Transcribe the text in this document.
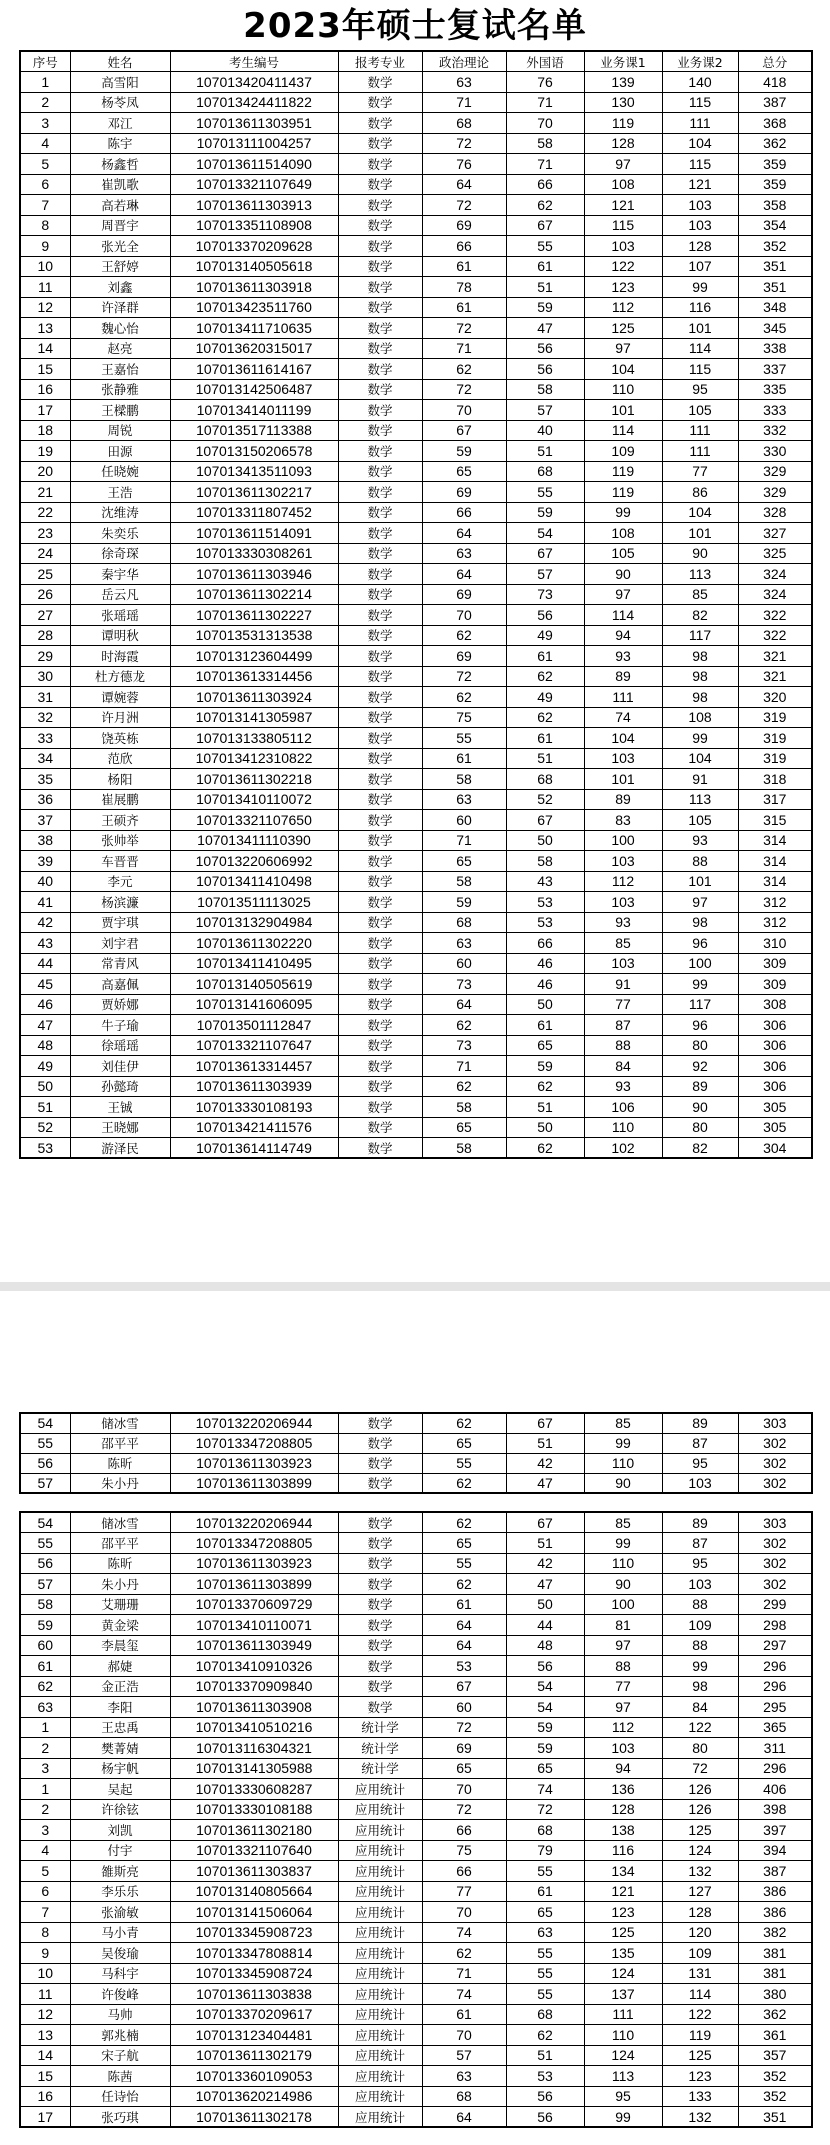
2023年硕士复试名单
序号	姓名	考生编号	报考专业	政治理论	外国语	业务课1	业务课2	总分
1	高雪阳	107013420411437	数学	63	76	139	140	418
2	杨苓凤	107013424411822	数学	71	71	130	115	387
3	邓江	107013611303951	数学	68	70	119	111	368
4	陈宇	107013111004257	数学	72	58	128	104	362
5	杨鑫哲	107013611514090	数学	76	71	97	115	359
6	崔凯歌	107013321107649	数学	64	66	108	121	359
7	高若琳	107013611303913	数学	72	62	121	103	358
8	周晋宇	107013351108908	数学	69	67	115	103	354
9	张光全	107013370209628	数学	66	55	103	128	352
10	王舒婷	107013140505618	数学	61	61	122	107	351
11	刘鑫	107013611303918	数学	78	51	123	99	351
12	许泽群	107013423511760	数学	61	59	112	116	348
13	魏心怡	107013411710635	数学	72	47	125	101	345
14	赵亮	107013620315017	数学	71	56	97	114	338
15	王嘉怡	107013611614167	数学	62	56	104	115	337
16	张静雅	107013142506487	数学	72	58	110	95	335
17	王樑鹏	107013414011199	数学	70	57	101	105	333
18	周锐	107013517113388	数学	67	40	114	111	332
19	田源	107013150206578	数学	59	51	109	111	330
20	任晓婉	107013413511093	数学	65	68	119	77	329
21	王浩	107013611302217	数学	69	55	119	86	329
22	沈维涛	107013311807452	数学	66	59	99	104	328
23	朱奕乐	107013611514091	数学	64	54	108	101	327
24	徐奇琛	107013330308261	数学	63	67	105	90	325
25	秦宇华	107013611303946	数学	64	57	90	113	324
26	岳云凡	107013611302214	数学	69	73	97	85	324
27	张瑶瑶	107013611302227	数学	70	56	114	82	322
28	谭明秋	107013531313538	数学	62	49	94	117	322
29	时海霞	107013123604499	数学	69	61	93	98	321
30	杜方德龙	107013613314456	数学	72	62	89	98	321
31	谭婉蓉	107013611303924	数学	62	49	111	98	320
32	许月洲	107013141305987	数学	75	62	74	108	319
33	饶英栋	107013133805112	数学	55	61	104	99	319
34	范欣	107013412310822	数学	61	51	103	104	319
35	杨阳	107013611302218	数学	58	68	101	91	318
36	崔展鹏	107013410110072	数学	63	52	89	113	317
37	王硕齐	107013321107650	数学	60	67	83	105	315
38	张帅举	107013411110390	数学	71	50	100	93	314
39	车晋晋	107013220606992	数学	65	58	103	88	314
40	李元	107013411410498	数学	58	43	112	101	314
41	杨滨濂	107013511113025	数学	59	53	103	97	312
42	贾宇琪	107013132904984	数学	68	53	93	98	312
43	刘宇君	107013611302220	数学	63	66	85	96	310
44	常青风	107013411410495	数学	60	46	103	100	309
45	高嘉佩	107013140505619	数学	73	46	91	99	309
46	贾娇娜	107013141606095	数学	64	50	77	117	308
47	牛子瑜	107013501112847	数学	62	61	87	96	306
48	徐瑶瑶	107013321107647	数学	73	65	88	80	306
49	刘佳伊	107013613314457	数学	71	59	84	92	306
50	孙懿琦	107013611303939	数学	62	62	93	89	306
51	王铖	107013330108193	数学	58	51	106	90	305
52	王晓娜	107013421411576	数学	65	50	110	80	305
53	游泽民	107013614114749	数学	58	62	102	82	304
54	储冰雪	107013220206944	数学	62	67	85	89	303
55	邵平平	107013347208805	数学	65	51	99	87	302
56	陈昕	107013611303923	数学	55	42	110	95	302
57	朱小丹	107013611303899	数学	62	47	90	103	302
54	储冰雪	107013220206944	数学	62	67	85	89	303
55	邵平平	107013347208805	数学	65	51	99	87	302
56	陈昕	107013611303923	数学	55	42	110	95	302
57	朱小丹	107013611303899	数学	62	47	90	103	302
58	艾珊珊	107013370609729	数学	61	50	100	88	299
59	黄金梁	107013410110071	数学	64	44	81	109	298
60	李晨玺	107013611303949	数学	64	48	97	88	297
61	郝婕	107013410910326	数学	53	56	88	99	296
62	金正浩	107013370909840	数学	67	54	77	98	296
63	李阳	107013611303908	数学	60	54	97	84	295
1	王忠禹	107013410510216	统计学	72	59	112	122	365
2	樊菁婧	107013116304321	统计学	69	59	103	80	311
3	杨宇帆	107013141305988	统计学	65	65	94	72	296
1	吴起	107013330608287	应用统计	70	74	136	126	406
2	许徐铉	107013330108188	应用统计	72	72	128	126	398
3	刘凯	107013611302180	应用统计	66	68	138	125	397
4	付宇	107013321107640	应用统计	75	79	116	124	394
5	雒斯亮	107013611303837	应用统计	66	55	134	132	387
6	李乐乐	107013140805664	应用统计	77	61	121	127	386
7	张渝敏	107013141506064	应用统计	70	65	123	128	386
8	马小青	107013345908723	应用统计	74	63	125	120	382
9	吴俊瑜	107013347808814	应用统计	62	55	135	109	381
10	马科宇	107013345908724	应用统计	71	55	124	131	381
11	许俊峰	107013611303838	应用统计	74	55	137	114	380
12	马帅	107013370209617	应用统计	61	68	111	122	362
13	郭兆楠	107013123404481	应用统计	70	62	110	119	361
14	宋子航	107013611302179	应用统计	57	51	124	125	357
15	陈茜	107013360109053	应用统计	63	53	113	123	352
16	任诗怡	107013620214986	应用统计	68	56	95	133	352
17	张巧琪	107013611302178	应用统计	64	56	99	132	351
